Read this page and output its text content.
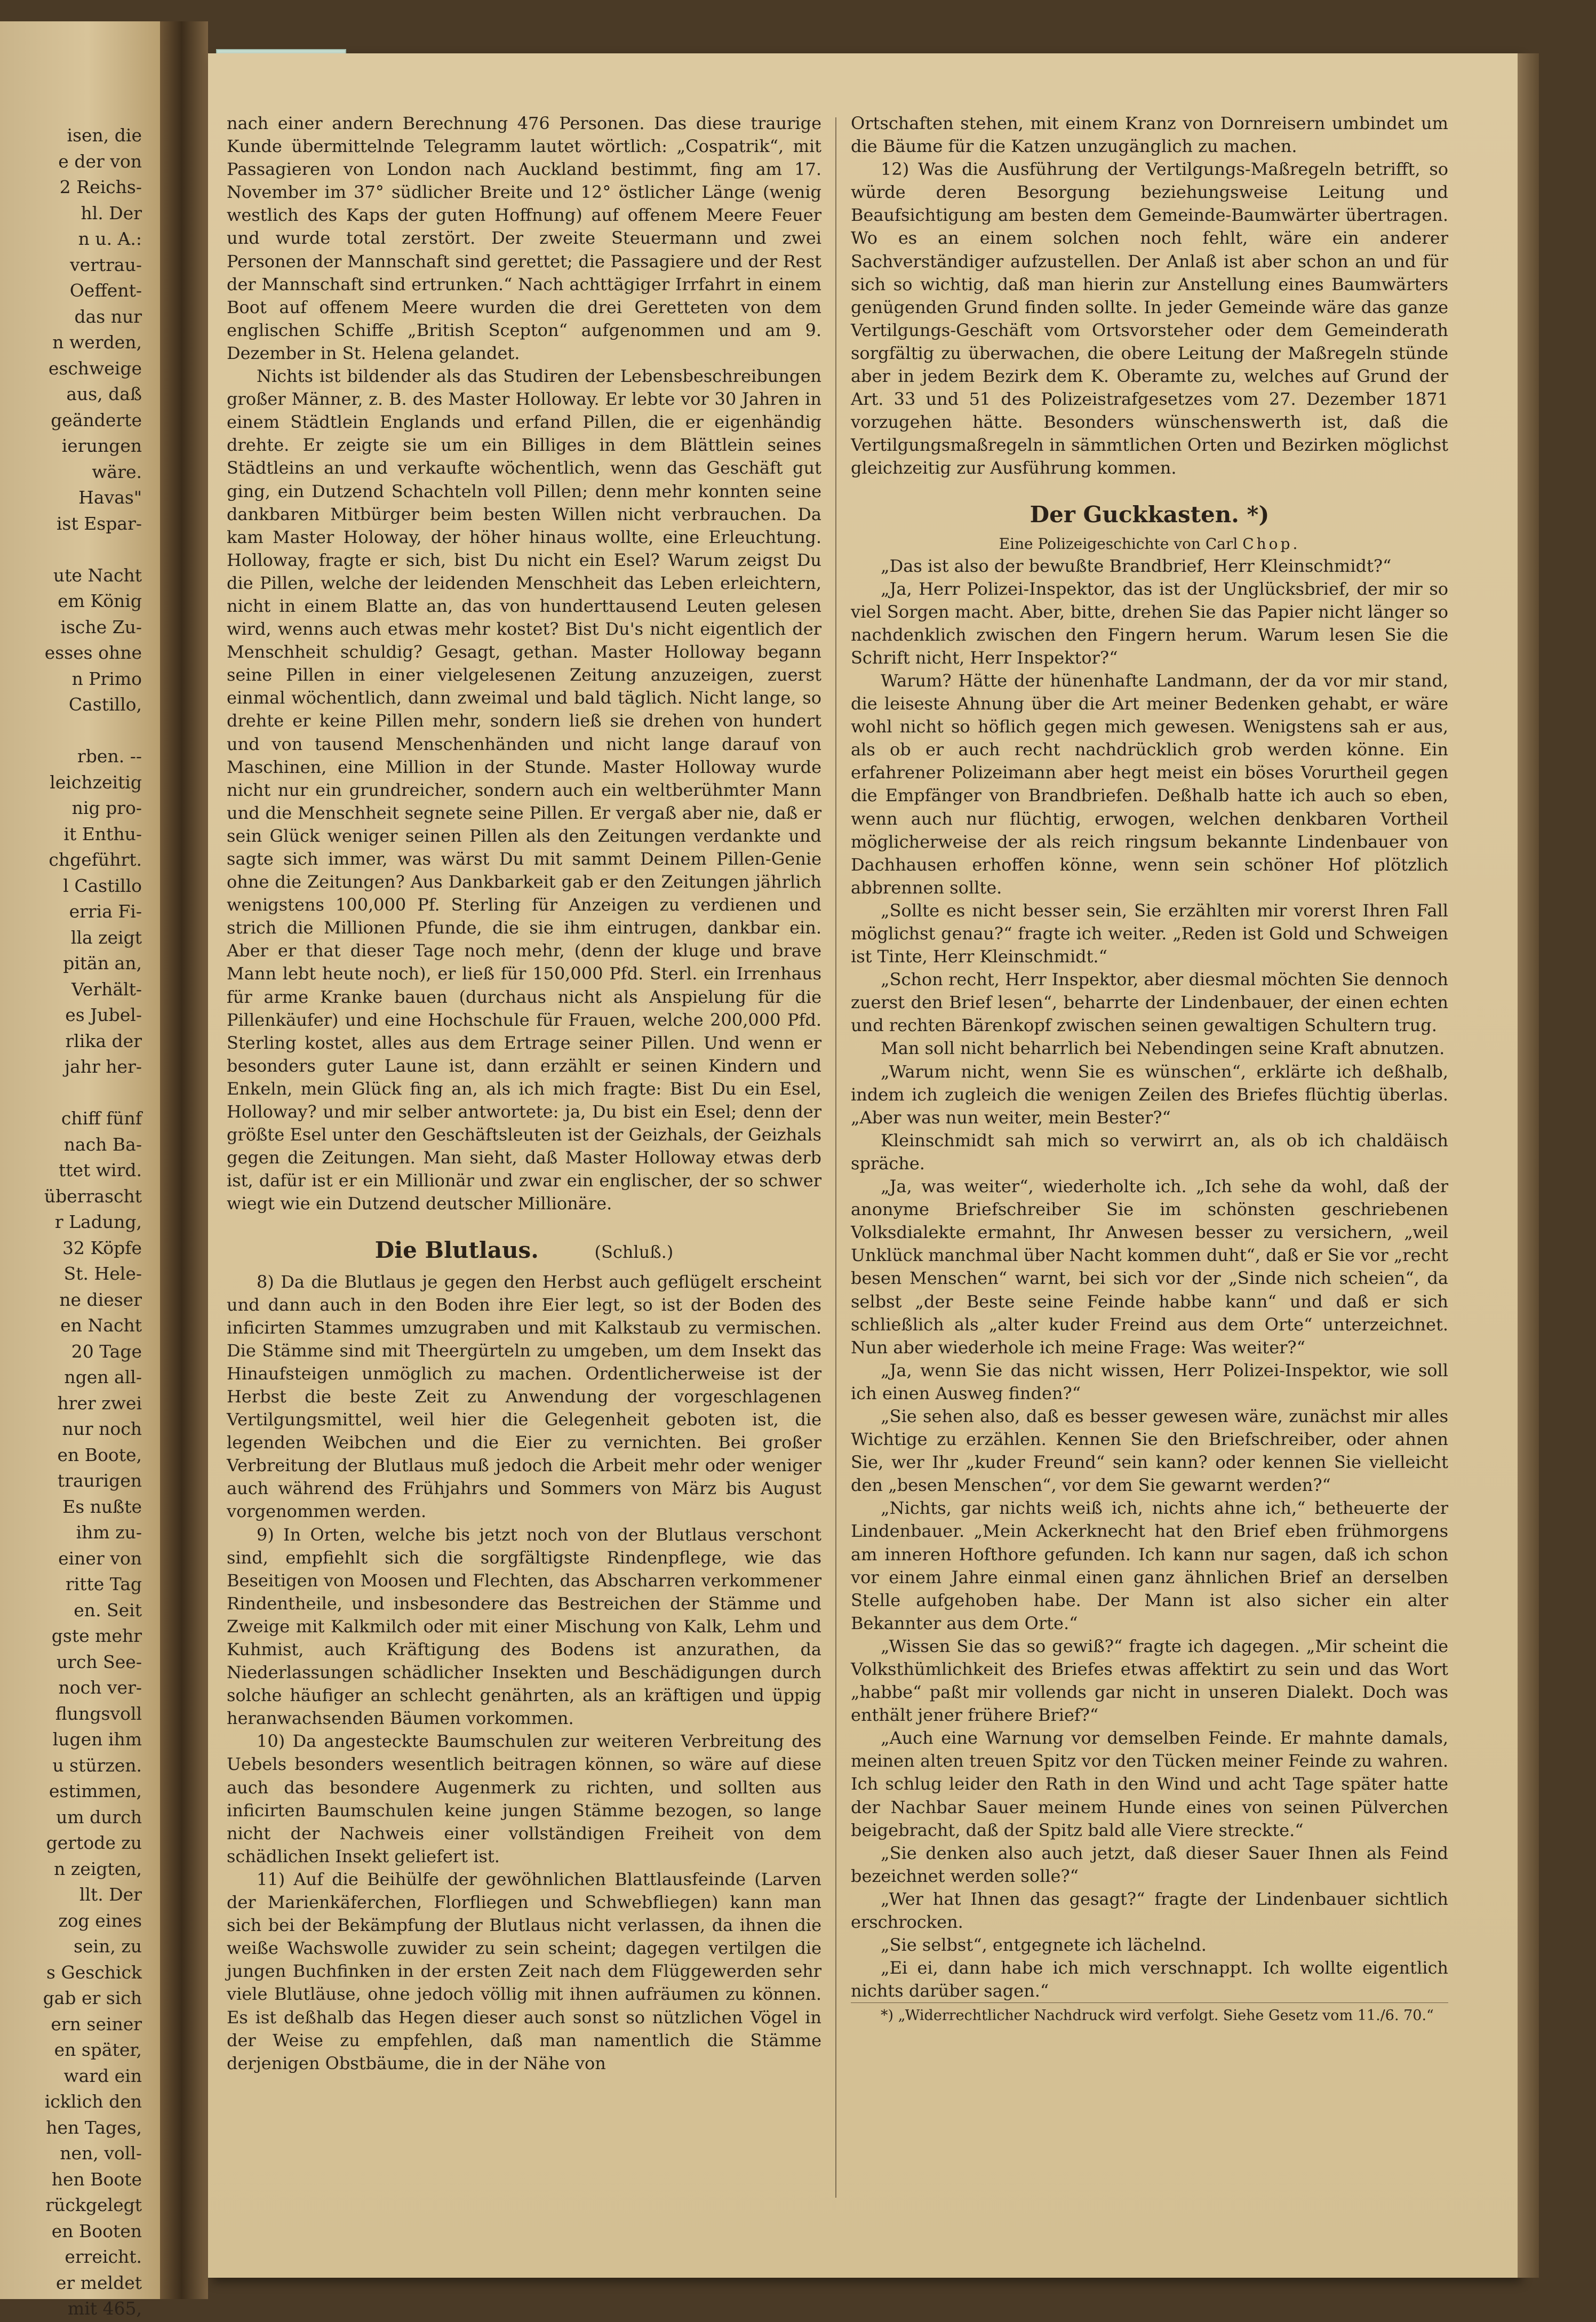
isen, die
e der von
2 Reichs-
hl. Der
n u. A.:
vertrau-
Oeffent-
das nur
n werden,
eschweige
aus, daß
geänderte
ierungen
wäre.
Havas"
ist Espar-
ute Nacht
em König
ische Zu-
esses ohne
n Primo
Castillo,
rben. --
leichzeitig
nig pro-
it Enthu-
chgeführt.
l Castillo
erria Fi-
lla zeigt
pitän an,
Verhält-
es Jubel-
rlika der
jahr her-
chiff fünf
nach Ba-
ttet wird.
überrascht
r Ladung,
32 Köpfe
St. Hele-
ne dieser
en Nacht
20 Tage
ngen all-
hrer zwei
nur noch
en Boote,
traurigen
Es nußte
ihm zu-
einer von
ritte Tag
en. Seit
gste mehr
urch See-
noch ver-
flungsvoll
lugen ihm
u stürzen.
estimmen,
um durch
gertode zu
n zeigten,
llt. Der
zog eines
sein, zu
s Geschick
gab er sich
ern seiner
en später,
ward ein
icklich den
hen Tages,
nen, voll-
hen Boote
rückgelegt
en Booten
erreicht.
er meldet
mit 465,

nach einer andern Berechnung 476 Personen. Das diese traurige Kunde übermittelnde Telegramm lautet wörtlich: „Cospatrik“, mit Passagieren von London nach Auckland bestimmt, fing am 17. November im 37° südlicher Breite und 12° östlicher Länge (wenig westlich des Kaps der guten Hoffnung) auf offenem Meere Feuer und wurde total zerstört. Der zweite Steuermann und zwei Personen der Mannschaft sind gerettet; die Passagiere und der Rest der Mannschaft sind ertrunken.“ Nach achttägiger Irrfahrt in einem Boot auf offenem Meere wurden die drei Geretteten von dem englischen Schiffe „British Scepton“ aufgenommen und am 9. Dezember in St. Helena gelandet.

Nichts ist bildender als das Studiren der Lebensbeschreibungen großer Männer, z. B. des Master Holloway. Er lebte vor 30 Jahren in einem Städtlein Englands und erfand Pillen, die er eigenhändig drehte. Er zeigte sie um ein Billiges in dem Blättlein seines Städtleins an und verkaufte wöchentlich, wenn das Geschäft gut ging, ein Dutzend Schachteln voll Pillen; denn mehr konnten seine dankbaren Mitbürger beim besten Willen nicht verbrauchen. Da kam Master Holoway, der höher hinaus wollte, eine Erleuchtung. Holloway, fragte er sich, bist Du nicht ein Esel? Warum zeigst Du die Pillen, welche der leidenden Menschheit das Leben erleichtern, nicht in einem Blatte an, das von hunderttausend Leuten gelesen wird, wenns auch etwas mehr kostet? Bist Du's nicht eigentlich der Menschheit schuldig? Gesagt, gethan. Master Holloway begann seine Pillen in einer vielgelesenen Zeitung anzuzeigen, zuerst einmal wöchentlich, dann zweimal und bald täglich. Nicht lange, so drehte er keine Pillen mehr, sondern ließ sie drehen von hundert und von tausend Menschenhänden und nicht lange darauf von Maschinen, eine Million in der Stunde. Master Holloway wurde nicht nur ein grundreicher, sondern auch ein weltberühmter Mann und die Menschheit segnete seine Pillen. Er vergaß aber nie, daß er sein Glück weniger seinen Pillen als den Zeitungen verdankte und sagte sich immer, was wärst Du mit sammt Deinem Pillen-Genie ohne die Zeitungen? Aus Dankbarkeit gab er den Zeitungen jährlich wenigstens 100,000 Pf. Sterling für Anzeigen zu verdienen und strich die Millionen Pfunde, die sie ihm eintrugen, dankbar ein. Aber er that dieser Tage noch mehr, (denn der kluge und brave Mann lebt heute noch), er ließ für 150,000 Pfd. Sterl. ein Irrenhaus für arme Kranke bauen (durchaus nicht als Anspielung für die Pillenkäufer) und eine Hochschule für Frauen, welche 200,000 Pfd. Sterling kostet, alles aus dem Ertrage seiner Pillen. Und wenn er besonders guter Laune ist, dann erzählt er seinen Kindern und Enkeln, mein Glück fing an, als ich mich fragte: Bist Du ein Esel, Holloway? und mir selber antwortete: ja, Du bist ein Esel; denn der größte Esel unter den Geschäftsleuten ist der Geizhals, der Geizhals gegen die Zeitungen. Man sieht, daß Master Holloway etwas derb ist, dafür ist er ein Millionär und zwar ein englischer, der so schwer wiegt wie ein Dutzend deutscher Millionäre.

Die Blutlaus.	(Schluß.)

8) Da die Blutlaus je gegen den Herbst auch geflügelt erscheint und dann auch in den Boden ihre Eier legt, so ist der Boden des inficirten Stammes umzugraben und mit Kalkstaub zu vermischen. Die Stämme sind mit Theergürteln zu umgeben, um dem Insekt das Hinaufsteigen unmöglich zu machen. Ordentlicherweise ist der Herbst die beste Zeit zu Anwendung der vorgeschlagenen Vertilgungsmittel, weil hier die Gelegenheit geboten ist, die legenden Weibchen und die Eier zu vernichten. Bei großer Verbreitung der Blutlaus muß jedoch die Arbeit mehr oder weniger auch während des Frühjahrs und Sommers von März bis August vorgenommen werden.

9) In Orten, welche bis jetzt noch von der Blutlaus verschont sind, empfiehlt sich die sorgfältigste Rindenpflege, wie das Beseitigen von Moosen und Flechten, das Abscharren verkommener Rindentheile, und insbesondere das Bestreichen der Stämme und Zweige mit Kalkmilch oder mit einer Mischung von Kalk, Lehm und Kuhmist, auch Kräftigung des Bodens ist anzurathen, da Niederlassungen schädlicher Insekten und Beschädigungen durch solche häufiger an schlecht genährten, als an kräftigen und üppig heranwachsenden Bäumen vorkommen.

10) Da angesteckte Baumschulen zur weiteren Verbreitung des Uebels besonders wesentlich beitragen können, so wäre auf diese auch das besondere Augenmerk zu richten, und sollten aus inficirten Baumschulen keine jungen Stämme bezogen, so lange nicht der Nachweis einer vollständigen Freiheit von dem schädlichen Insekt geliefert ist.

11) Auf die Beihülfe der gewöhnlichen Blattlausfeinde (Larven der Marienkäferchen, Florfliegen und Schwebfliegen) kann man sich bei der Bekämpfung der Blutlaus nicht verlassen, da ihnen die weiße Wachswolle zuwider zu sein scheint; dagegen vertilgen die jungen Buchfinken in der ersten Zeit nach dem Flüggewerden sehr viele Blutläuse, ohne jedoch völlig mit ihnen aufräumen zu können. Es ist deßhalb das Hegen dieser auch sonst so nützlichen Vögel in der Weise zu empfehlen, daß man namentlich die Stämme derjenigen Obstbäume, die in der Nähe von

Ortschaften stehen, mit einem Kranz von Dornreisern umbindet um die Bäume für die Katzen unzugänglich zu machen.

12) Was die Ausführung der Vertilgungs-Maßregeln betrifft, so würde deren Besorgung beziehungsweise Leitung und Beaufsichtigung am besten dem Gemeinde-Baumwärter übertragen. Wo es an einem solchen noch fehlt, wäre ein anderer Sachverständiger aufzustellen. Der Anlaß ist aber schon an und für sich so wichtig, daß man hierin zur Anstellung eines Baumwärters genügenden Grund finden sollte. In jeder Gemeinde wäre das ganze Vertilgungs-Geschäft vom Ortsvorsteher oder dem Gemeinderath sorgfältig zu überwachen, die obere Leitung der Maßregeln stünde aber in jedem Bezirk dem K. Oberamte zu, welches auf Grund der Art. 33 und 51 des Polizeistrafgesetzes vom 27. Dezember 1871 vorzugehen hätte. Besonders wünschenswerth ist, daß die Vertilgungsmaßregeln in sämmtlichen Orten und Bezirken möglichst gleichzeitig zur Ausführung kommen.

Der Guckkasten. *)
Eine Polizeigeschichte von Carl Chop.

„Das ist also der bewußte Brandbrief, Herr Kleinschmidt?“

„Ja, Herr Polizei-Inspektor, das ist der Unglücksbrief, der mir so viel Sorgen macht. Aber, bitte, drehen Sie das Papier nicht länger so nachdenklich zwischen den Fingern herum. Warum lesen Sie die Schrift nicht, Herr Inspektor?“

Warum? Hätte der hünenhafte Landmann, der da vor mir stand, die leiseste Ahnung über die Art meiner Bedenken gehabt, er wäre wohl nicht so höflich gegen mich gewesen. Wenigstens sah er aus, als ob er auch recht nachdrücklich grob werden könne. Ein erfahrener Polizeimann aber hegt meist ein böses Vorurtheil gegen die Empfänger von Brandbriefen. Deßhalb hatte ich auch so eben, wenn auch nur flüchtig, erwogen, welchen denkbaren Vortheil möglicherweise der als reich ringsum bekannte Lindenbauer von Dachhausen erhoffen könne, wenn sein schöner Hof plötzlich abbrennen sollte.

„Sollte es nicht besser sein, Sie erzählten mir vorerst Ihren Fall möglichst genau?“ fragte ich weiter. „Reden ist Gold und Schweigen ist Tinte, Herr Kleinschmidt.“

„Schon recht, Herr Inspektor, aber diesmal möchten Sie dennoch zuerst den Brief lesen“, beharrte der Lindenbauer, der einen echten und rechten Bärenkopf zwischen seinen gewaltigen Schultern trug.

Man soll nicht beharrlich bei Nebendingen seine Kraft abnutzen.

„Warum nicht, wenn Sie es wünschen“, erklärte ich deßhalb, indem ich zugleich die wenigen Zeilen des Briefes flüchtig überlas. „Aber was nun weiter, mein Bester?“

Kleinschmidt sah mich so verwirrt an, als ob ich chaldäisch spräche.

„Ja, was weiter“, wiederholte ich. „Ich sehe da wohl, daß der anonyme Briefschreiber Sie im schönsten geschriebenen Volksdialekte ermahnt, Ihr Anwesen besser zu versichern, „weil Unklück manchmal über Nacht kommen duht“, daß er Sie vor „recht besen Menschen“ warnt, bei sich vor der „Sinde nich scheien“, da selbst „der Beste seine Feinde habbe kann“ und daß er sich schließlich als „alter kuder Freind aus dem Orte“ unterzeichnet. Nun aber wiederhole ich meine Frage: Was weiter?“

„Ja, wenn Sie das nicht wissen, Herr Polizei-Inspektor, wie soll ich einen Ausweg finden?“

„Sie sehen also, daß es besser gewesen wäre, zunächst mir alles Wichtige zu erzählen. Kennen Sie den Briefschreiber, oder ahnen Sie, wer Ihr „kuder Freund“ sein kann? oder kennen Sie vielleicht den „besen Menschen“, vor dem Sie gewarnt werden?“

„Nichts, gar nichts weiß ich, nichts ahne ich,“ betheuerte der Lindenbauer. „Mein Ackerknecht hat den Brief eben frühmorgens am inneren Hofthore gefunden. Ich kann nur sagen, daß ich schon vor einem Jahre einmal einen ganz ähnlichen Brief an derselben Stelle aufgehoben habe. Der Mann ist also sicher ein alter Bekannter aus dem Orte.“

„Wissen Sie das so gewiß?“ fragte ich dagegen. „Mir scheint die Volksthümlichkeit des Briefes etwas affektirt zu sein und das Wort „habbe“ paßt mir vollends gar nicht in unseren Dialekt. Doch was enthält jener frühere Brief?“

„Auch eine Warnung vor demselben Feinde. Er mahnte damals, meinen alten treuen Spitz vor den Tücken meiner Feinde zu wahren. Ich schlug leider den Rath in den Wind und acht Tage später hatte der Nachbar Sauer meinem Hunde eines von seinen Pülverchen beigebracht, daß der Spitz bald alle Viere streckte.“

„Sie denken also auch jetzt, daß dieser Sauer Ihnen als Feind bezeichnet werden solle?“

„Wer hat Ihnen das gesagt?“ fragte der Lindenbauer sichtlich erschrocken.

„Sie selbst“, entgegnete ich lächelnd.

„Ei ei, dann habe ich mich verschnappt. Ich wollte eigentlich nichts darüber sagen.“

*) „Widerrechtlicher Nachdruck wird verfolgt. Siehe Gesetz vom 11./6. 70.“
